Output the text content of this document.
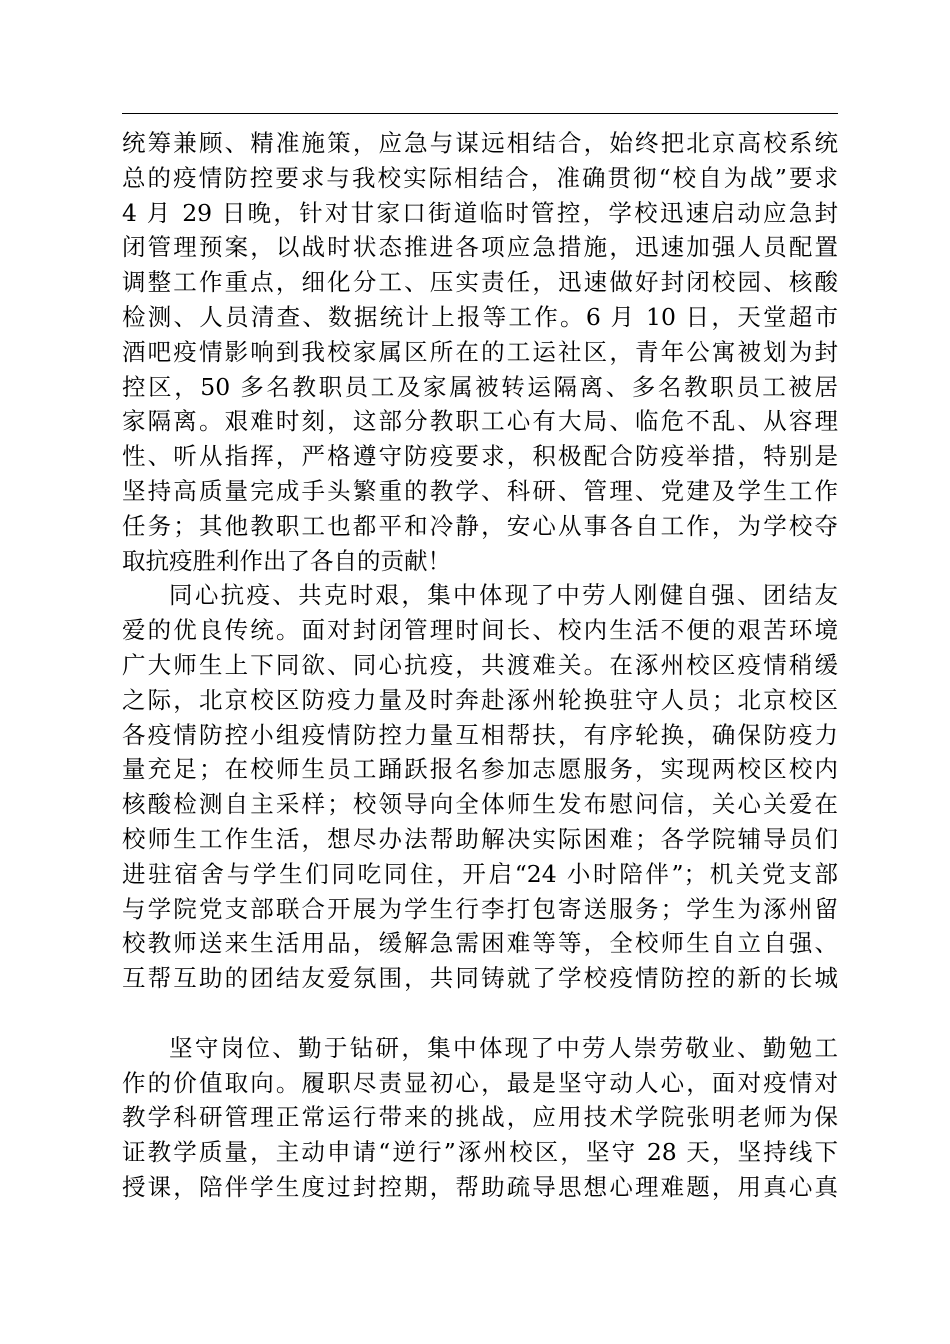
统筹兼顾、精准施策，应急与谋远相结合，始终把北京高校系统
总的疫情防控要求与我校实际相结合，准确贯彻“校自为战”要求
4 月 29 日晚，针对甘家口街道临时管控，学校迅速启动应急封
闭管理预案，以战时状态推进各项应急措施，迅速加强人员配置
调整工作重点，细化分工、压实责任，迅速做好封闭校园、核酸
检测、人员清查、数据统计上报等工作。6 月 10 日，天堂超市
酒吧疫情影响到我校家属区所在的工运社区，青年公寓被划为封
控区，50 多名教职员工及家属被转运隔离、多名教职员工被居
家隔离。艰难时刻，这部分教职工心有大局、临危不乱、从容理
性、听从指挥，严格遵守防疫要求，积极配合防疫举措，特别是
坚持高质量完成手头繁重的教学、科研、管理、党建及学生工作
任务；其他教职工也都平和冷静，安心从事各自工作，为学校夺
取抗疫胜利作出了各自的贡献！
同心抗疫、共克时艰，集中体现了中劳人刚健自强、团结友
爱的优良传统。面对封闭管理时间长、校内生活不便的艰苦环境
广大师生上下同欲、同心抗疫，共渡难关。在涿州校区疫情稍缓
之际，北京校区防疫力量及时奔赴涿州轮换驻守人员；北京校区
各疫情防控小组疫情防控力量互相帮扶，有序轮换，确保防疫力
量充足；在校师生员工踊跃报名参加志愿服务，实现两校区校内
核酸检测自主采样；校领导向全体师生发布慰问信，关心关爱在
校师生工作生活，想尽办法帮助解决实际困难；各学院辅导员们
进驻宿舍与学生们同吃同住，开启“24 小时陪伴”；机关党支部
与学院党支部联合开展为学生行李打包寄送服务；学生为涿州留
校教师送来生活用品，缓解急需困难等等，全校师生自立自强、
互帮互助的团结友爱氛围，共同铸就了学校疫情防控的新的长城
坚守岗位、勤于钻研，集中体现了中劳人崇劳敬业、勤勉工
作的价值取向。履职尽责显初心，最是坚守动人心，面对疫情对
教学科研管理正常运行带来的挑战，应用技术学院张明老师为保
证教学质量，主动申请“逆行”涿州校区，坚守 28 天，坚持线下
授课，陪伴学生度过封控期，帮助疏导思想心理难题，用真心真
